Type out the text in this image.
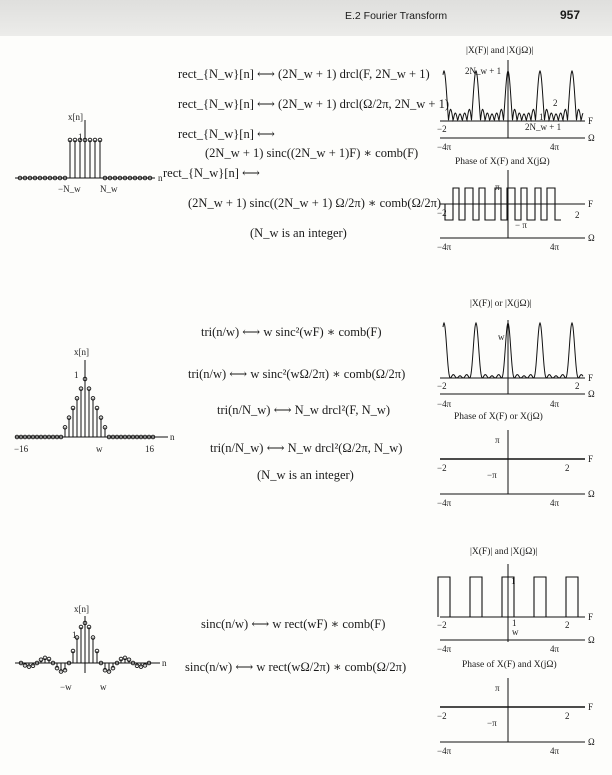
E.2 Fourier Transform	957
n
x[n]
1
−N_w N_w
rect_{N_w}[n] ⟷ (2N_w + 1) drcl(F, 2N_w + 1)
rect_{N_w}[n] ⟷ (2N_w + 1) drcl(Ω/2π, 2N_w + 1)
rect_{N_w}[n] ⟷
(2N_w + 1) sinc((2N_w + 1)F) ∗ comb(F)
rect_{N_w}[n] ⟷
(2N_w + 1) sinc((2N_w + 1) Ω/2π) ∗ comb(Ω/2π)
(N_w is an integer)
|X(F)| and |X(jΩ)|
2N_w + 1
F
Ω
−2
2
−4π	4π
1
2N_w + 1
Phase of X(F) and X(jΩ)
π
− π
F
Ω
−2	2
−4π	4π
n
x[n]
1
−16	w	16
tri(n/w) ⟷ w sinc²(wF) ∗ comb(F)
tri(n/w) ⟷ w sinc²(wΩ/2π) ∗ comb(Ω/2π)
tri(n/N_w) ⟷ N_w drcl²(F, N_w)
tri(n/N_w) ⟷ N_w drcl²(Ω/2π, N_w)
(N_w is an integer)
|X(F)| or |X(jΩ)|
w
F
Ω
−2	2
−4π	4π
Phase of X(F) or X(jΩ)
π
−π
F
Ω
−2	2
−4π	4π
n
x[n]
1
−w	w
sinc(n/w) ⟷ w rect(wF) ∗ comb(F)
sinc(n/w) ⟷ w rect(wΩ/2π) ∗ comb(Ω/2π)
|X(F)| and |X(jΩ)|
1
F
Ω
−2	2
−4π	4π
1
w
Phase of X(F) and X(jΩ)
π
−π
F
Ω
−2	2
−4π	4π
